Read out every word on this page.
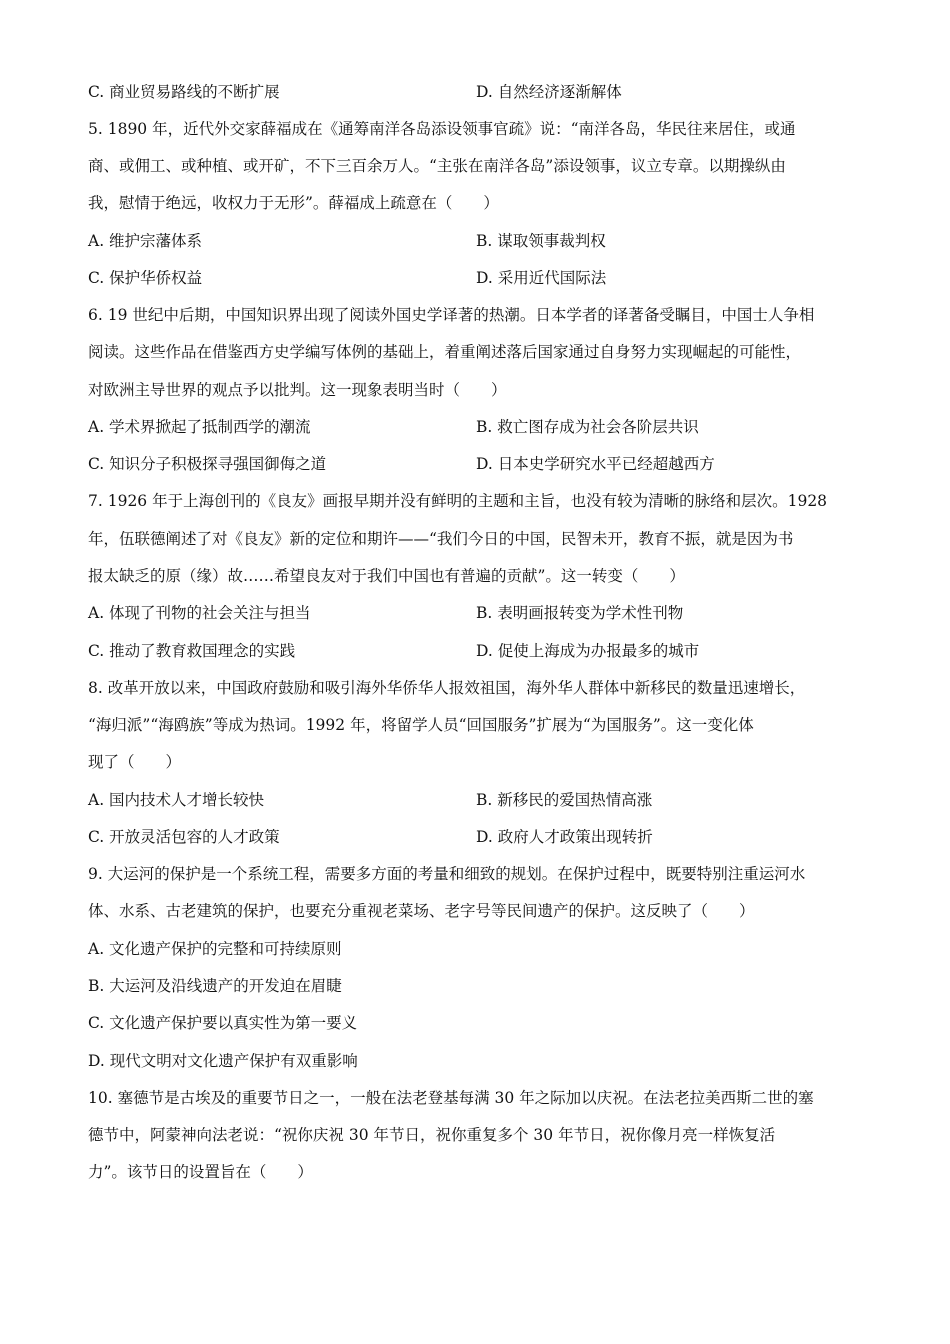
C. 商业贸易路线的不断扩展	D. 自然经济逐渐解体
5. 1890 年，近代外交家薛福成在《通筹南洋各岛添设领事官疏》说：“南洋各岛，华民往来居住，或通
商、或佣工、或种植、或开矿，不下三百余万人。“主张在南洋各岛”添设领事，议立专章。以期操纵由
我，慰情于绝远，收权力于无形”。薛福成上疏意在（　　）
A. 维护宗藩体系	B. 谋取领事裁判权
C. 保护华侨权益	D. 采用近代国际法
6. 19 世纪中后期，中国知识界出现了阅读外国史学译著的热潮。日本学者的译著备受瞩目，中国士人争相
阅读。这些作品在借鉴西方史学编写体例的基础上，着重阐述落后国家通过自身努力实现崛起的可能性，
对欧洲主导世界的观点予以批判。这一现象表明当时（　　）
A. 学术界掀起了抵制西学的潮流	B. 救亡图存成为社会各阶层共识
C. 知识分子积极探寻强国御侮之道	D. 日本史学研究水平已经超越西方
7. 1926 年于上海创刊的《良友》画报早期并没有鲜明的主题和主旨，也没有较为清晰的脉络和层次。1928
年，伍联德阐述了对《良友》新的定位和期许——“我们今日的中国，民智未开，教育不振，就是因为书
报太缺乏的原（缘）故……希望良友对于我们中国也有普遍的贡献”。这一转变（　　）
A. 体现了刊物的社会关注与担当	B. 表明画报转变为学术性刊物
C. 推动了教育救国理念的实践	D. 促使上海成为办报最多的城市
8. 改革开放以来，中国政府鼓励和吸引海外华侨华人报效祖国，海外华人群体中新移民的数量迅速增长，
“海归派”“海鸥族”等成为热词。1992 年，将留学人员“回国服务”扩展为“为国服务”。这一变化体
现了（　　）
A. 国内技术人才增长较快	B. 新移民的爱国热情高涨
C. 开放灵活包容的人才政策	D. 政府人才政策出现转折
9. 大运河的保护是一个系统工程，需要多方面的考量和细致的规划。在保护过程中，既要特别注重运河水
体、水系、古老建筑的保护，也要充分重视老菜场、老字号等民间遗产的保护。这反映了（　　）
A. 文化遗产保护的完整和可持续原则
B. 大运河及沿线遗产的开发迫在眉睫
C. 文化遗产保护要以真实性为第一要义
D. 现代文明对文化遗产保护有双重影响
10. 塞德节是古埃及的重要节日之一，一般在法老登基每满 30 年之际加以庆祝。在法老拉美西斯二世的塞
德节中，阿蒙神向法老说：“祝你庆祝 30 年节日，祝你重复多个 30 年节日，祝你像月亮一样恢复活
力”。该节日的设置旨在（　　）
